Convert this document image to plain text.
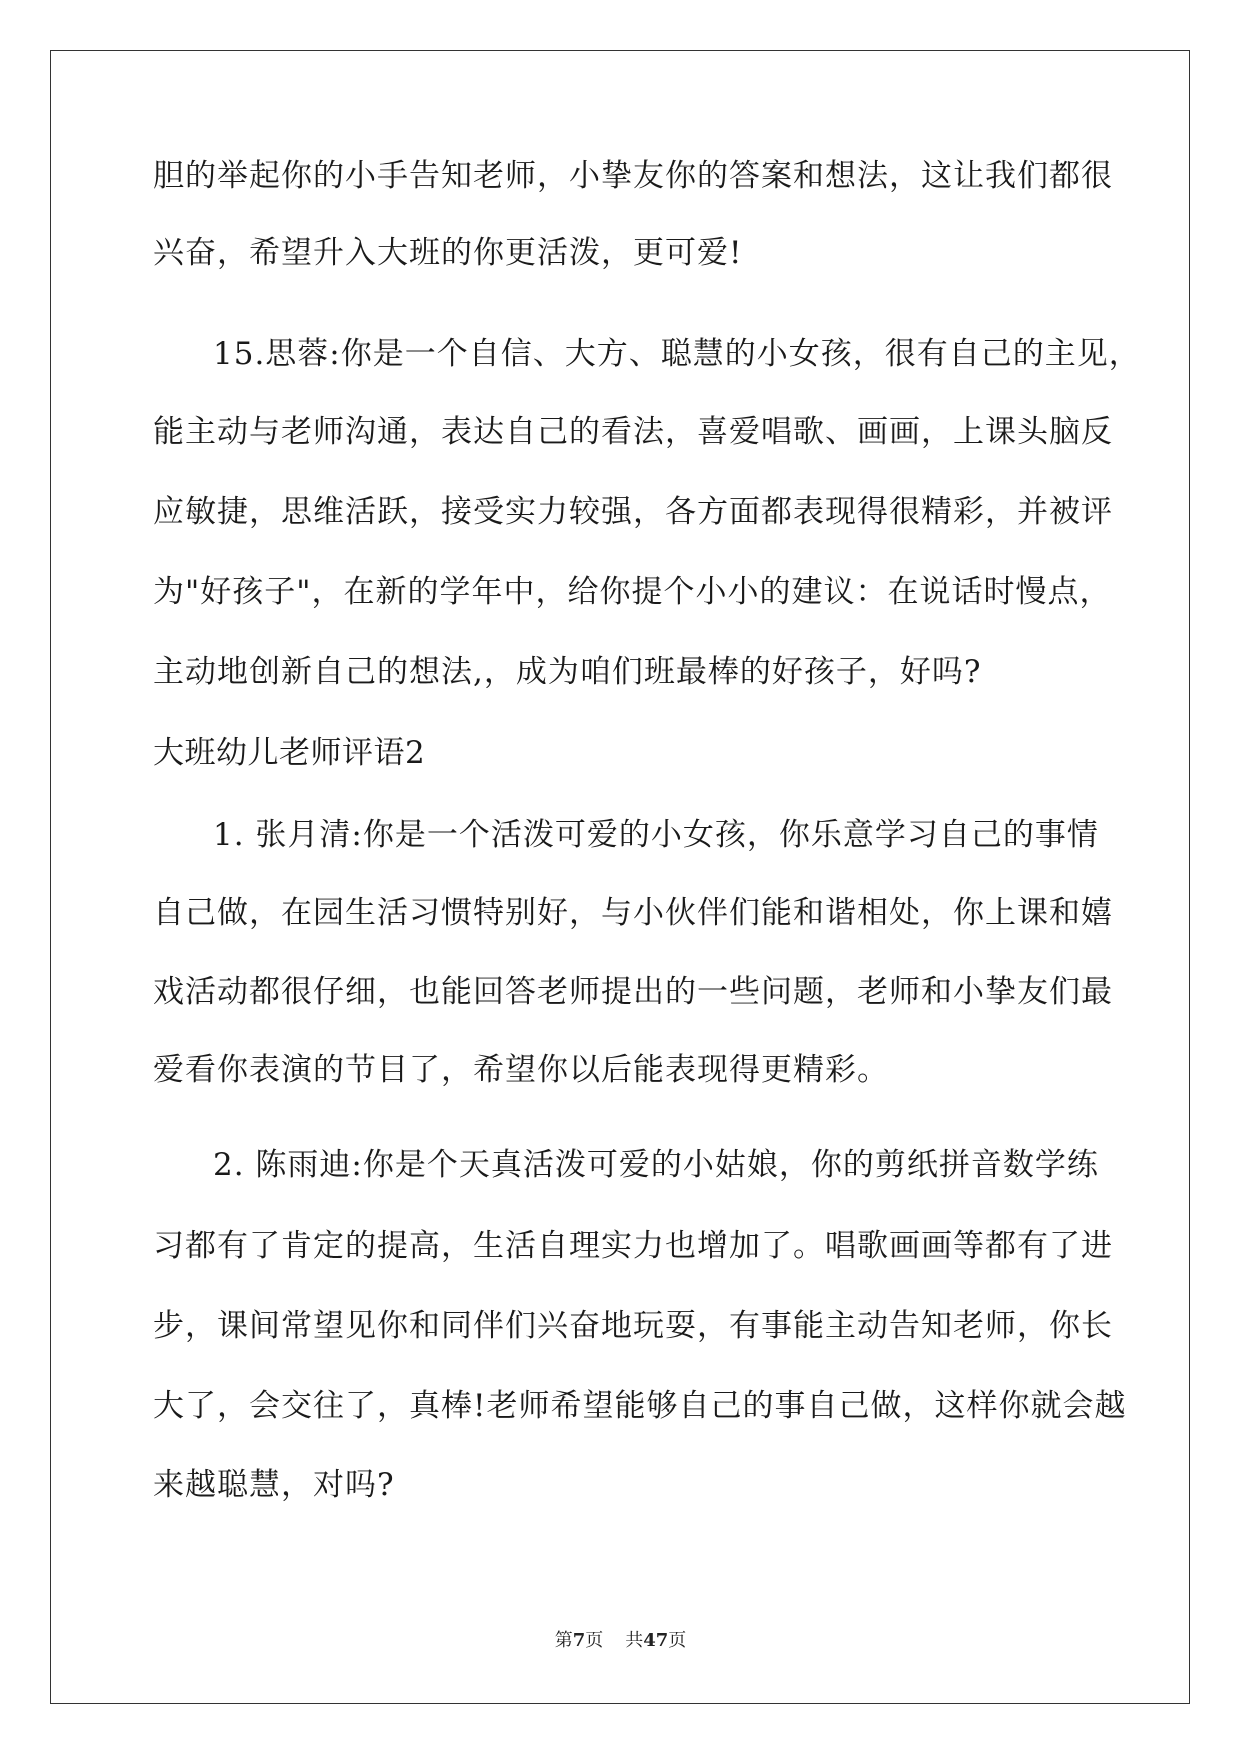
胆的举起你的小手告知老师，小挚友你的答案和想法，这让我们都很
兴奋，希望升入大班的你更活泼，更可爱!
15.思蓉:你是一个自信、大方、聪慧的小女孩，很有自己的主见，
能主动与老师沟通，表达自己的看法，喜爱唱歌、画画，上课头脑反
应敏捷，思维活跃，接受实力较强，各方面都表现得很精彩，并被评
为"好孩子"，在新的学年中，给你提个小小的建议：在说话时慢点，
主动地创新自己的想法,，成为咱们班最棒的好孩子，好吗?
大班幼儿老师评语2
1. 张月清:你是一个活泼可爱的小女孩，你乐意学习自己的事情
自己做，在园生活习惯特别好，与小伙伴们能和谐相处，你上课和嬉
戏活动都很仔细，也能回答老师提出的一些问题，老师和小挚友们最
爱看你表演的节目了，希望你以后能表现得更精彩。
2. 陈雨迪:你是个天真活泼可爱的小姑娘，你的剪纸拼音数学练
习都有了肯定的提高，生活自理实力也增加了。唱歌画画等都有了进
步，课间常望见你和同伴们兴奋地玩耍，有事能主动告知老师，你长
大了，会交往了，真棒!老师希望能够自己的事自己做，这样你就会越
来越聪慧，对吗?
第7页 共47页
